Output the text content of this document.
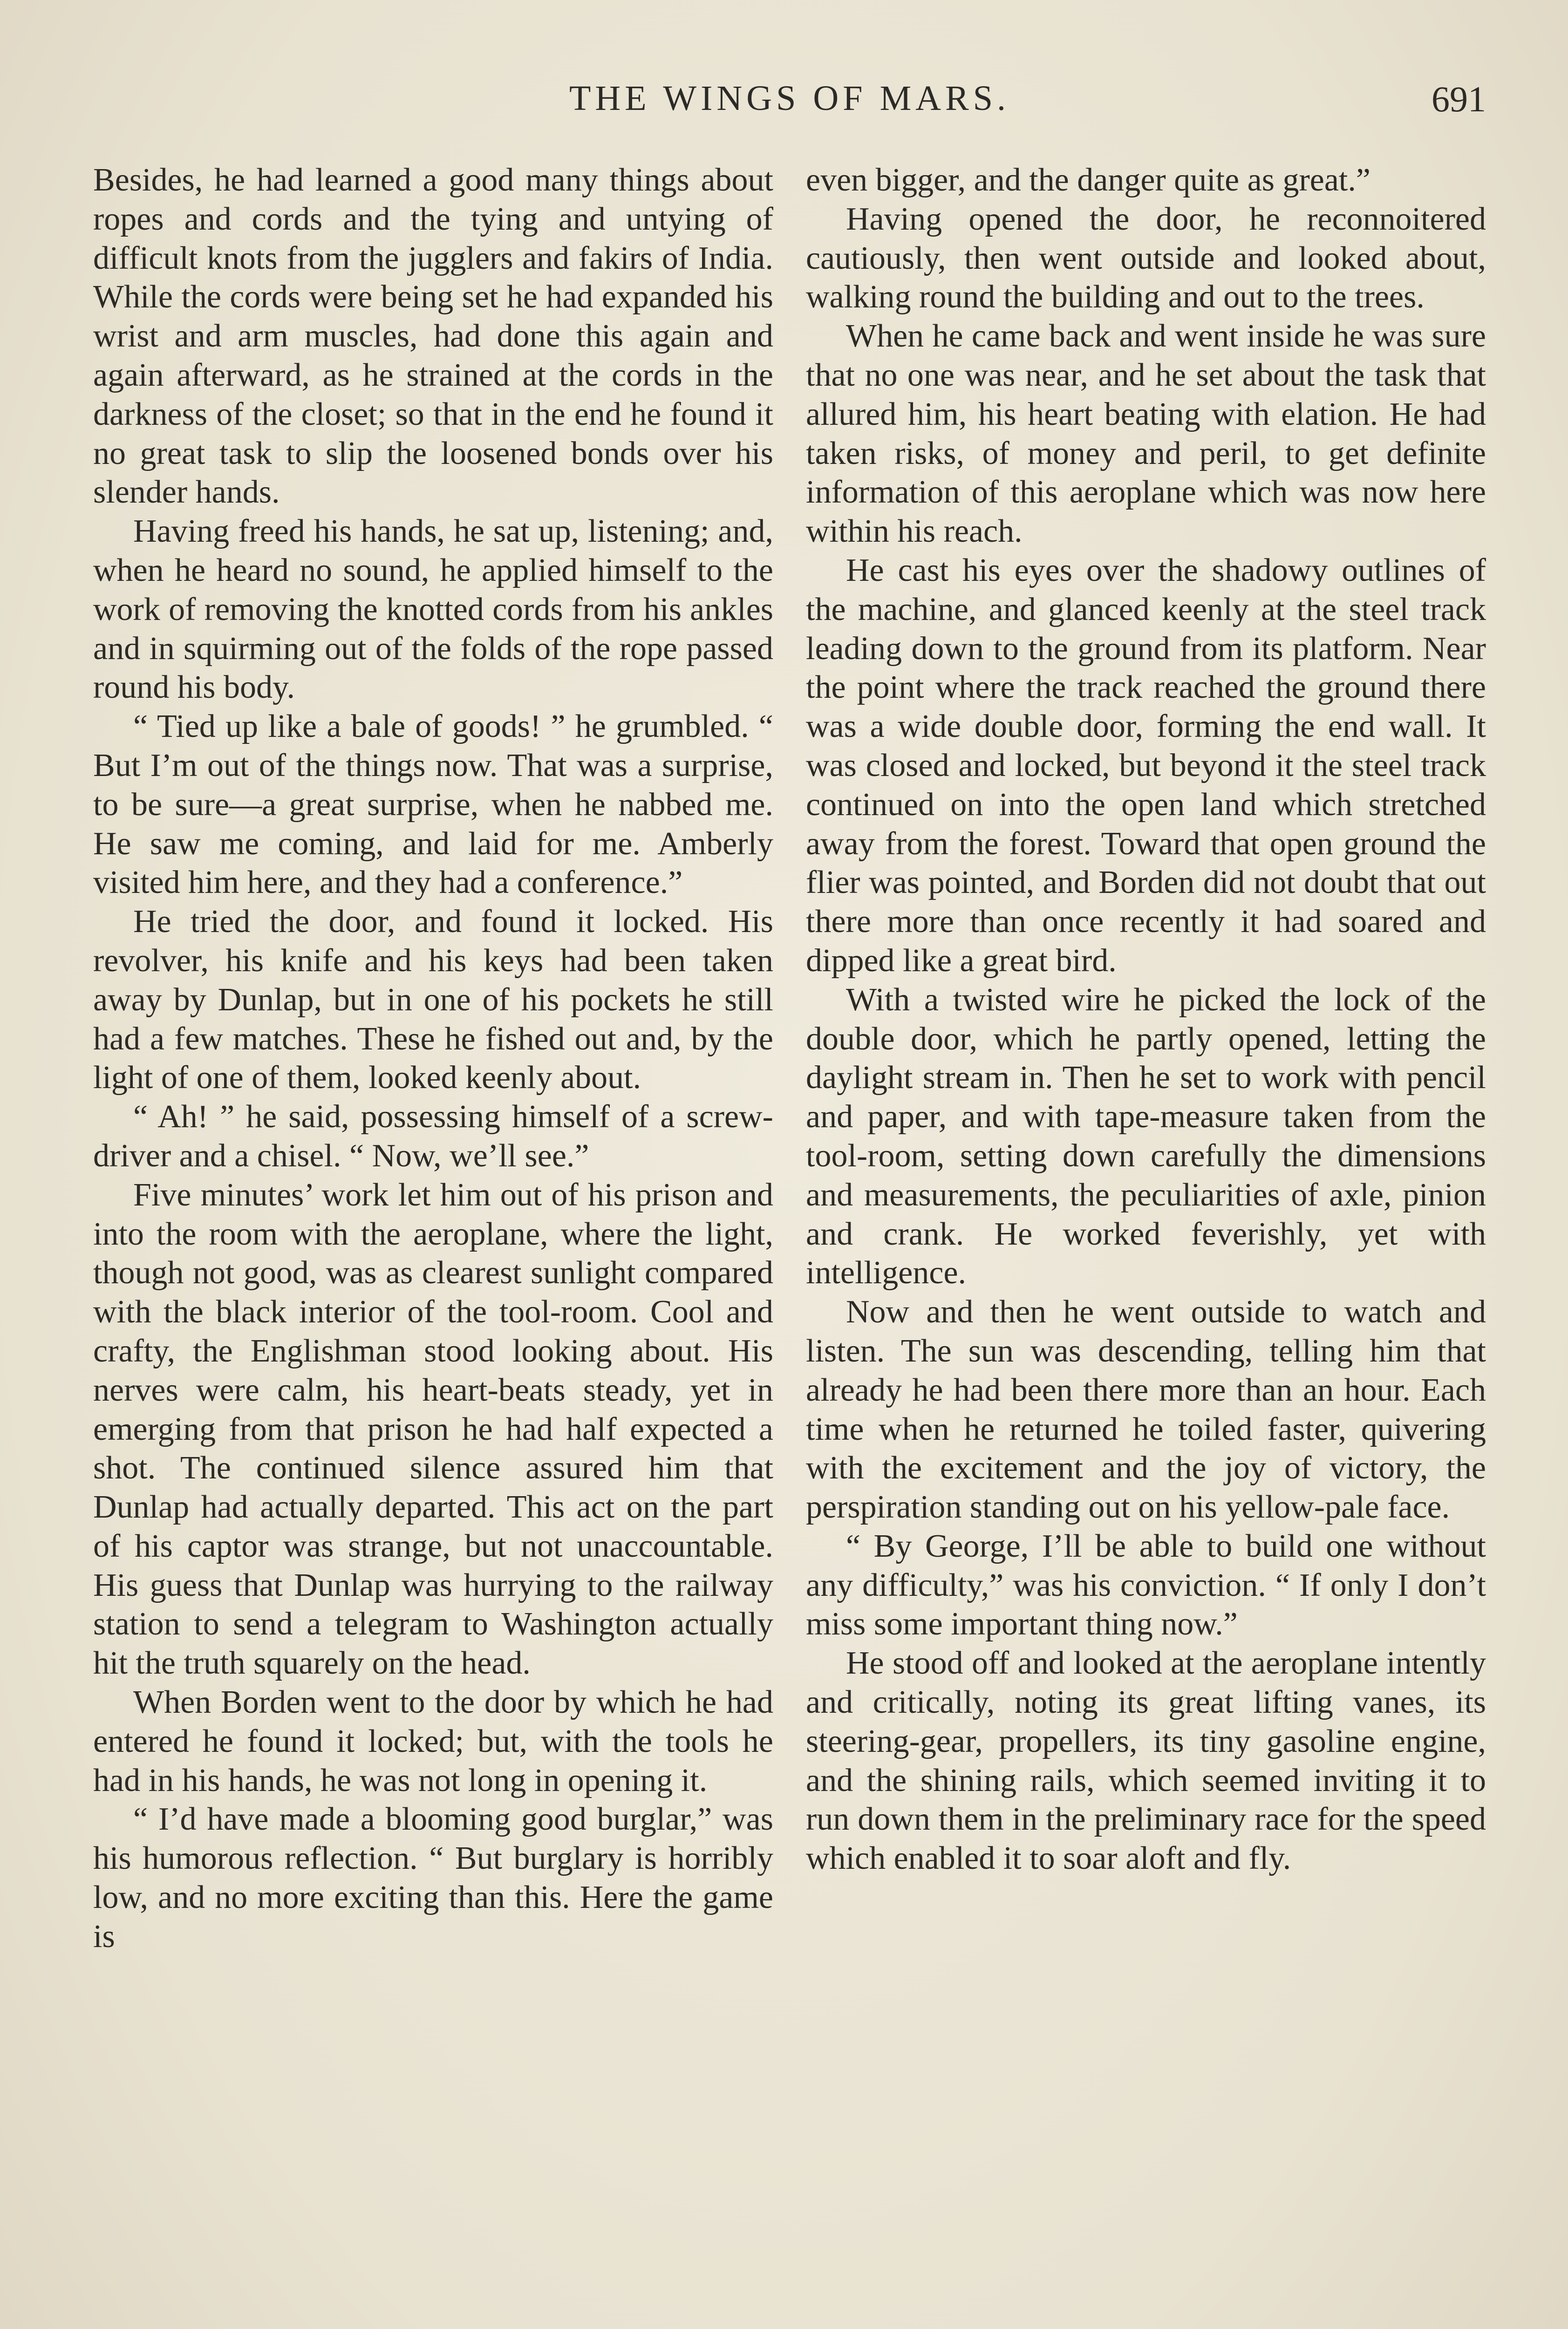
THE WINGS OF MARS.	691

Besides, he had learned a good many things about ropes and cords and the tying and untying of difficult knots from the jugglers and fakirs of India. While the cords were being set he had expanded his wrist and arm muscles, had done this again and again afterward, as he strained at the cords in the darkness of the closet; so that in the end he found it no great task to slip the loosened bonds over his slender hands.

Having freed his hands, he sat up, listening; and, when he heard no sound, he applied himself to the work of removing the knotted cords from his ankles and in squirming out of the folds of the rope passed round his body.

“ Tied up like a bale of goods! ” he grumbled. “ But I’m out of the things now. That was a surprise, to be sure—a great surprise, when he nabbed me. He saw me coming, and laid for me. Amberly visited him here, and they had a conference.”

He tried the door, and found it locked. His revolver, his knife and his keys had been taken away by Dunlap, but in one of his pockets he still had a few matches. These he fished out and, by the light of one of them, looked keenly about.

“ Ah! ” he said, possessing himself of a screw-driver and a chisel. “ Now, we’ll see.”

Five minutes’ work let him out of his prison and into the room with the aeroplane, where the light, though not good, was as clearest sunlight compared with the black interior of the tool-room. Cool and crafty, the Englishman stood looking about. His nerves were calm, his heart-beats steady, yet in emerging from that prison he had half expected a shot. The continued silence assured him that Dunlap had actually departed. This act on the part of his captor was strange, but not unaccountable. His guess that Dunlap was hurrying to the railway station to send a telegram to Washington actually hit the truth squarely on the head.

When Borden went to the door by which he had entered he found it locked; but, with the tools he had in his hands, he was not long in opening it.

“ I’d have made a blooming good burglar,” was his humorous reflection. “ But burglary is horribly low, and no more exciting than this. Here the game is

even bigger, and the danger quite as great.”

Having opened the door, he reconnoitered cautiously, then went outside and looked about, walking round the building and out to the trees.

When he came back and went inside he was sure that no one was near, and he set about the task that allured him, his heart beating with elation. He had taken risks, of money and peril, to get definite information of this aeroplane which was now here within his reach.

He cast his eyes over the shadowy outlines of the machine, and glanced keenly at the steel track leading down to the ground from its platform. Near the point where the track reached the ground there was a wide double door, forming the end wall. It was closed and locked, but beyond it the steel track continued on into the open land which stretched away from the forest. Toward that open ground the flier was pointed, and Borden did not doubt that out there more than once recently it had soared and dipped like a great bird.

With a twisted wire he picked the lock of the double door, which he partly opened, letting the daylight stream in. Then he set to work with pencil and paper, and with tape-measure taken from the tool-room, setting down carefully the dimensions and measurements, the peculiarities of axle, pinion and crank. He worked feverishly, yet with intelligence.

Now and then he went outside to watch and listen. The sun was descending, telling him that already he had been there more than an hour. Each time when he returned he toiled faster, quivering with the excitement and the joy of victory, the perspiration standing out on his yellow-pale face.

“ By George, I’ll be able to build one without any difficulty,” was his conviction. “ If only I don’t miss some important thing now.”

He stood off and looked at the aeroplane intently and critically, noting its great lifting vanes, its steering-gear, propellers, its tiny gasoline engine, and the shining rails, which seemed inviting it to run down them in the preliminary race for the speed which enabled it to soar aloft and fly.
